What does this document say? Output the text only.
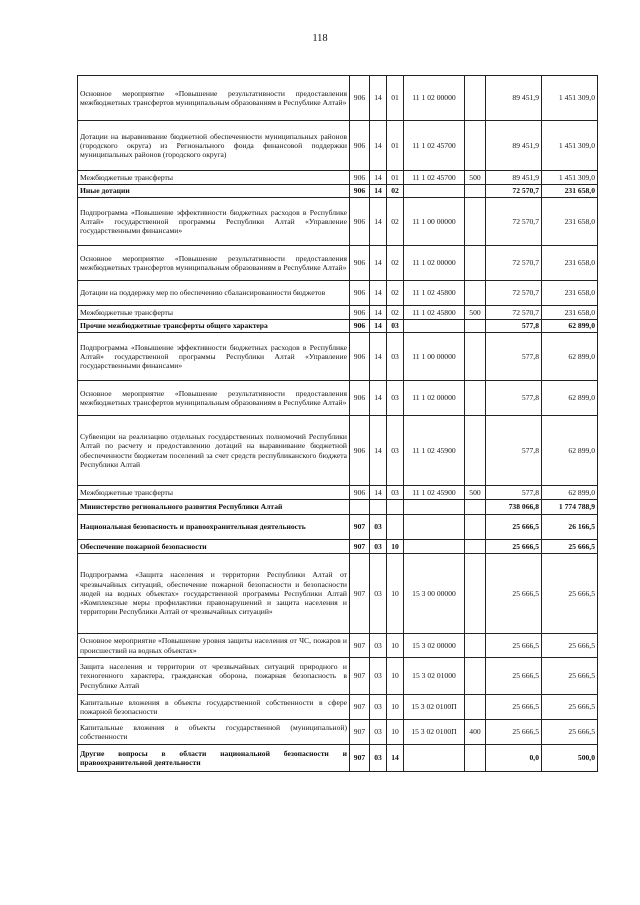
118
Основное мероприятие «Повышение результативности предоставления межбюджетных трансфертов муниципальным образованиям в Республике Алтай»	906	14	01	11 1 02 00000		89 451,9	1 451 309,0
Дотации на выравнивание бюджетной обеспеченности муниципальных районов (городского округа) из Регионального фонда финансовой поддержки муниципальных районов (городского округа)	906	14	01	11 1 02 45700		89 451,9	1 451 309,0
Межбюджетные трансферты	906	14	01	11 1 02 45700	500	89 451,9	1 451 309,0
Иные дотации	906	14	02			72 570,7	231 658,0
Подпрограмма «Повышение эффективности бюджетных расходов в Республике Алтай» государственной программы Республики Алтай «Управление государственными финансами»	906	14	02	11 1 00 00000		72 570,7	231 658,0
Основное мероприятие «Повышение результативности предоставления межбюджетных трансфертов муниципальным образованиям в Республике Алтай»	906	14	02	11 1 02 00000		72 570,7	231 658,0
Дотации на поддержку мер по обеспечению сбалансированности бюджетов	906	14	02	11 1 02 45800		72 570,7	231 658,0
Межбюджетные трансферты	906	14	02	11 1 02 45800	500	72 570,7	231 658,0
Прочие межбюджетные трансферты общего характера	906	14	03			577,8	62 899,0
Подпрограмма «Повышение эффективности бюджетных расходов в Республике Алтай» государственной программы Республики Алтай «Управление государственными финансами»	906	14	03	11 1 00 00000		577,8	62 899,0
Основное мероприятие «Повышение результативности предоставления межбюджетных трансфертов муниципальным образованиям в Республике Алтай»	906	14	03	11 1 02 00000		577,8	62 899,0
Субвенции на реализацию отдельных государственных полномочий Республики Алтай по расчету и предоставлению дотаций на выравнивание бюджетной обеспеченности бюджетам поселений за счет средств республиканского бюджета Республики Алтай	906	14	03	11 1 02 45900		577,8	62 899,0
Межбюджетные трансферты	906	14	03	11 1 02 45900	500	577,8	62 899,0
Министерство регионального развития Республики Алтай						738 066,8	1 774 788,9
Национальная безопасность и правоохранительная деятельность	907	03				25 666,5	26 166,5
Обеспечение пожарной безопасности	907	03	10			25 666,5	25 666,5
Подпрограмма «Защита населения и территории Республики Алтай от чрезвычайных ситуаций, обеспечение пожарной безопасности и безопасности людей на водных объектах» государственной программы Республики Алтай «Комплексные меры профилактики правонарушений и защита населения и территории Республики Алтай от чрезвычайных ситуаций»	907	03	10	15 3 00 00000		25 666,5	25 666,5
Основное мероприятие «Повышение уровня защиты населения от ЧС, пожаров и происшествий на водных объектах»	907	03	10	15 3 02 00000		25 666,5	25 666,5
Защита населения и территории от чрезвычайных ситуаций природного и техногенного характера, гражданская оборона, пожарная безопасность в Республике Алтай	907	03	10	15 3 02 01000		25 666,5	25 666,5
Капитальные вложения в объекты государственной собственности в сфере пожарной безопасности	907	03	10	15 3 02 0100П		25 666,5	25 666,5
Капитальные вложения в объекты государственной (муниципальной) собственности	907	03	10	15 3 02 0100П	400	25 666,5	25 666,5
Другие вопросы в области национальной безопасности и правоохранительной деятельности	907	03	14			0,0	500,0
